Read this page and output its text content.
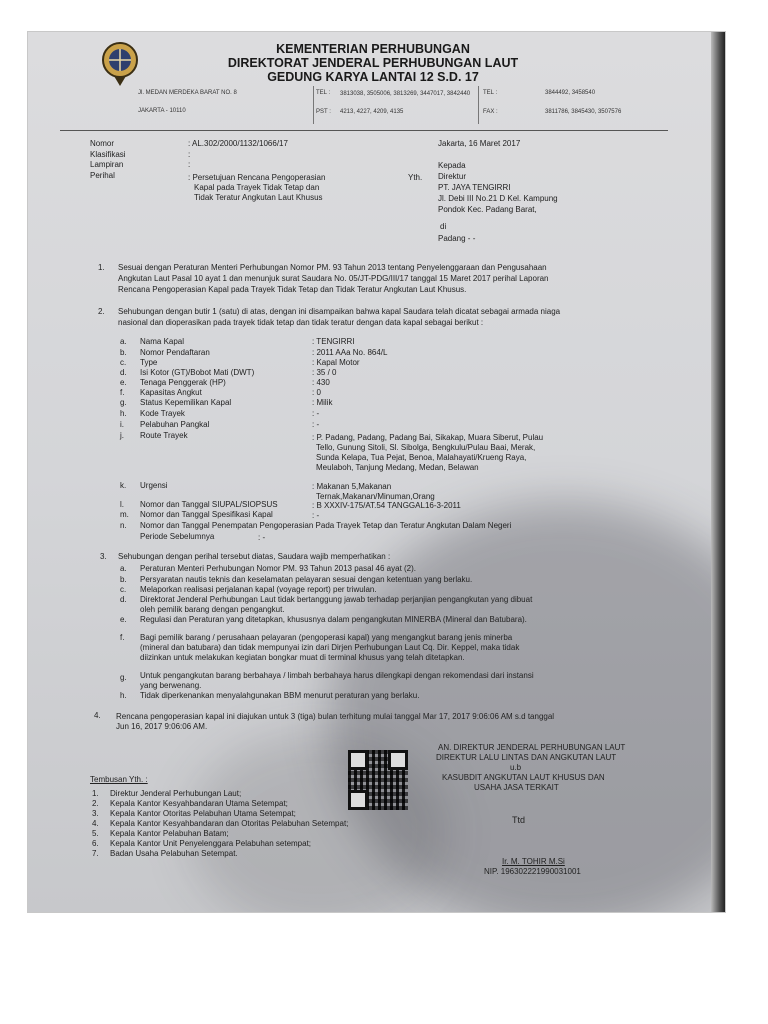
KEMENTERIAN PERHUBUNGAN
DIREKTORAT JENDERAL PERHUBUNGAN LAUT
GEDUNG KARYA LANTAI 12 S.D. 17
Jl. MEDAN MERDEKA BARAT NO. 8
JAKARTA - 10110
TEL : 3813038, 3505006, 3813269, 3447017, 3842440
PST : 4213, 4227, 4209, 4135
TEL :	3844492, 3458540
FAX :	3811786, 3845430, 3507576
Nomor	: AL.302/2000/1132/1066/17
Klasifikasi	:
Lampiran	:
Perihal	: Persetujuan Rencana Pengoperasian
Kapal pada Trayek Tidak Tetap dan
Tidak Teratur Angkutan Laut Khusus
Jakarta, 16 Maret 2017
Yth.
Kepada
Direktur
PT. JAYA TENGIRRI
Jl. Debi III No.21 D Kel. Kampung
Pondok Kec. Padang Barat,
di
Padang - -
1. Sesuai dengan Peraturan Menteri Perhubungan Nomor PM. 93 Tahun 2013 tentang Penyelenggaraan dan Pengusahaan
Angkutan Laut Pasal 10 ayat 1 dan menunjuk surat Saudara No. 05/JT-PDG/III/17 tanggal 15 Maret 2017 perihal Laporan
Rencana Pengoperasian Kapal pada Trayek Tidak Tetap dan Tidak Teratur Angkutan Laut Khusus.
2. Sehubungan dengan butir 1 (satu) di atas, dengan ini disampaikan bahwa kapal Saudara telah dicatat sebagai armada niaga
nasional dan dioperasikan pada trayek tidak tetap dan tidak teratur dengan data kapal sebagai berikut :
a. Nama Kapal	: TENGIRRI
b. Nomor Pendaftaran	: 2011 AAa No. 864/L
c. Type	: Kapal Motor
d. Isi Kotor (GT)/Bobot Mati (DWT)	: 35 / 0
e. Tenaga Penggerak (HP)	: 430
f. Kapasitas Angkut	: 0
g. Status Kepemilikan Kapal	: Milik
h. Kode Trayek	: -
i. Pelabuhan Pangkal	: -
j. Route Trayek	: P. Padang, Padang, Padang Bai, Sikakap, Muara Siberut, Pulau
Tello, Gunung Sitoli, Sl. Sibolga, Bengkulu/Pulau Baai, Merak,
Sunda Kelapa, Tua Pejat, Benoa, Malahayati/Krueng Raya,
Meulaboh, Tanjung Medang, Medan, Belawan
k. Urgensi	: Makanan 5,Makanan
Ternak,Makanan/Minuman,Orang
l. Nomor dan Tanggal SIUPAL/SIOPSUS	: B XXXIV-175/AT.54 TANGGAL16-3-2011
m. Nomor dan Tanggal Spesifikasi Kapal	: -
n. Nomor dan Tanggal Penempatan Pengoperasian Pada Trayek Tetap dan Teratur Angkutan Dalam Negeri
Periode Sebelumnya	: -
3. Sehubungan dengan perihal tersebut diatas, Saudara wajib memperhatikan :
a. Peraturan Menteri Perhubungan Nomor PM. 93 Tahun 2013 pasal 46 ayat (2).
b. Persyaratan nautis teknis dan keselamatan pelayaran sesuai dengan ketentuan yang berlaku.
c. Melaporkan realisasi perjalanan kapal (voyage report) per triwulan.
d. Direktorat Jenderal Perhubungan Laut tidak bertanggung jawab terhadap perjanjian pengangkutan yang dibuat
oleh pemilik barang dengan pengangkut.
e. Regulasi dan Peraturan yang ditetapkan, khususnya dalam pengangkutan MINERBA (Mineral dan Batubara).
f. Bagi pemilik barang / perusahaan pelayaran (pengoperasi kapal) yang mengangkut barang jenis minerba
(mineral dan batubara) dan tidak mempunyai izin dari Dirjen Perhubungan Laut Cq. Dir. Keppel, maka tidak
diizinkan untuk melakukan kegiatan bongkar muat di terminal khusus yang telah ditetapkan.
g. Untuk pengangkutan barang berbahaya / limbah berbahaya harus dilengkapi dengan rekomendasi dari instansi
yang berwenang.
h. Tidak diperkenankan menyalahgunakan BBM menurut peraturan yang berlaku.
4. Rencana pengoperasian kapal ini diajukan untuk 3 (tiga) bulan terhitung mulai tanggal Mar 17, 2017 9:06:06 AM s.d tanggal
Jun 16, 2017 9:06:06 AM.
AN. DIREKTUR JENDERAL PERHUBUNGAN LAUT
DIREKTUR LALU LINTAS DAN ANGKUTAN LAUT
u.b
KASUBDIT ANGKUTAN LAUT KHUSUS DAN
USAHA JASA TERKAIT
Ttd
Ir. M. TOHIR M.Si
NIP. 196302221990031001
Tembusan Yth. :
1. Direktur Jenderal Perhubungan Laut;
2. Kepala Kantor Kesyahbandaran Utama Setempat;
3. Kepala Kantor Otoritas Pelabuhan Utama Setempat;
4. Kepala Kantor Kesyahbandaran dan Otoritas Pelabuhan Setempat;
5. Kepala Kantor Pelabuhan Batam;
6. Kepala Kantor Unit Penyelenggara Pelabuhan setempat;
7. Badan Usaha Pelabuhan Setempat.
